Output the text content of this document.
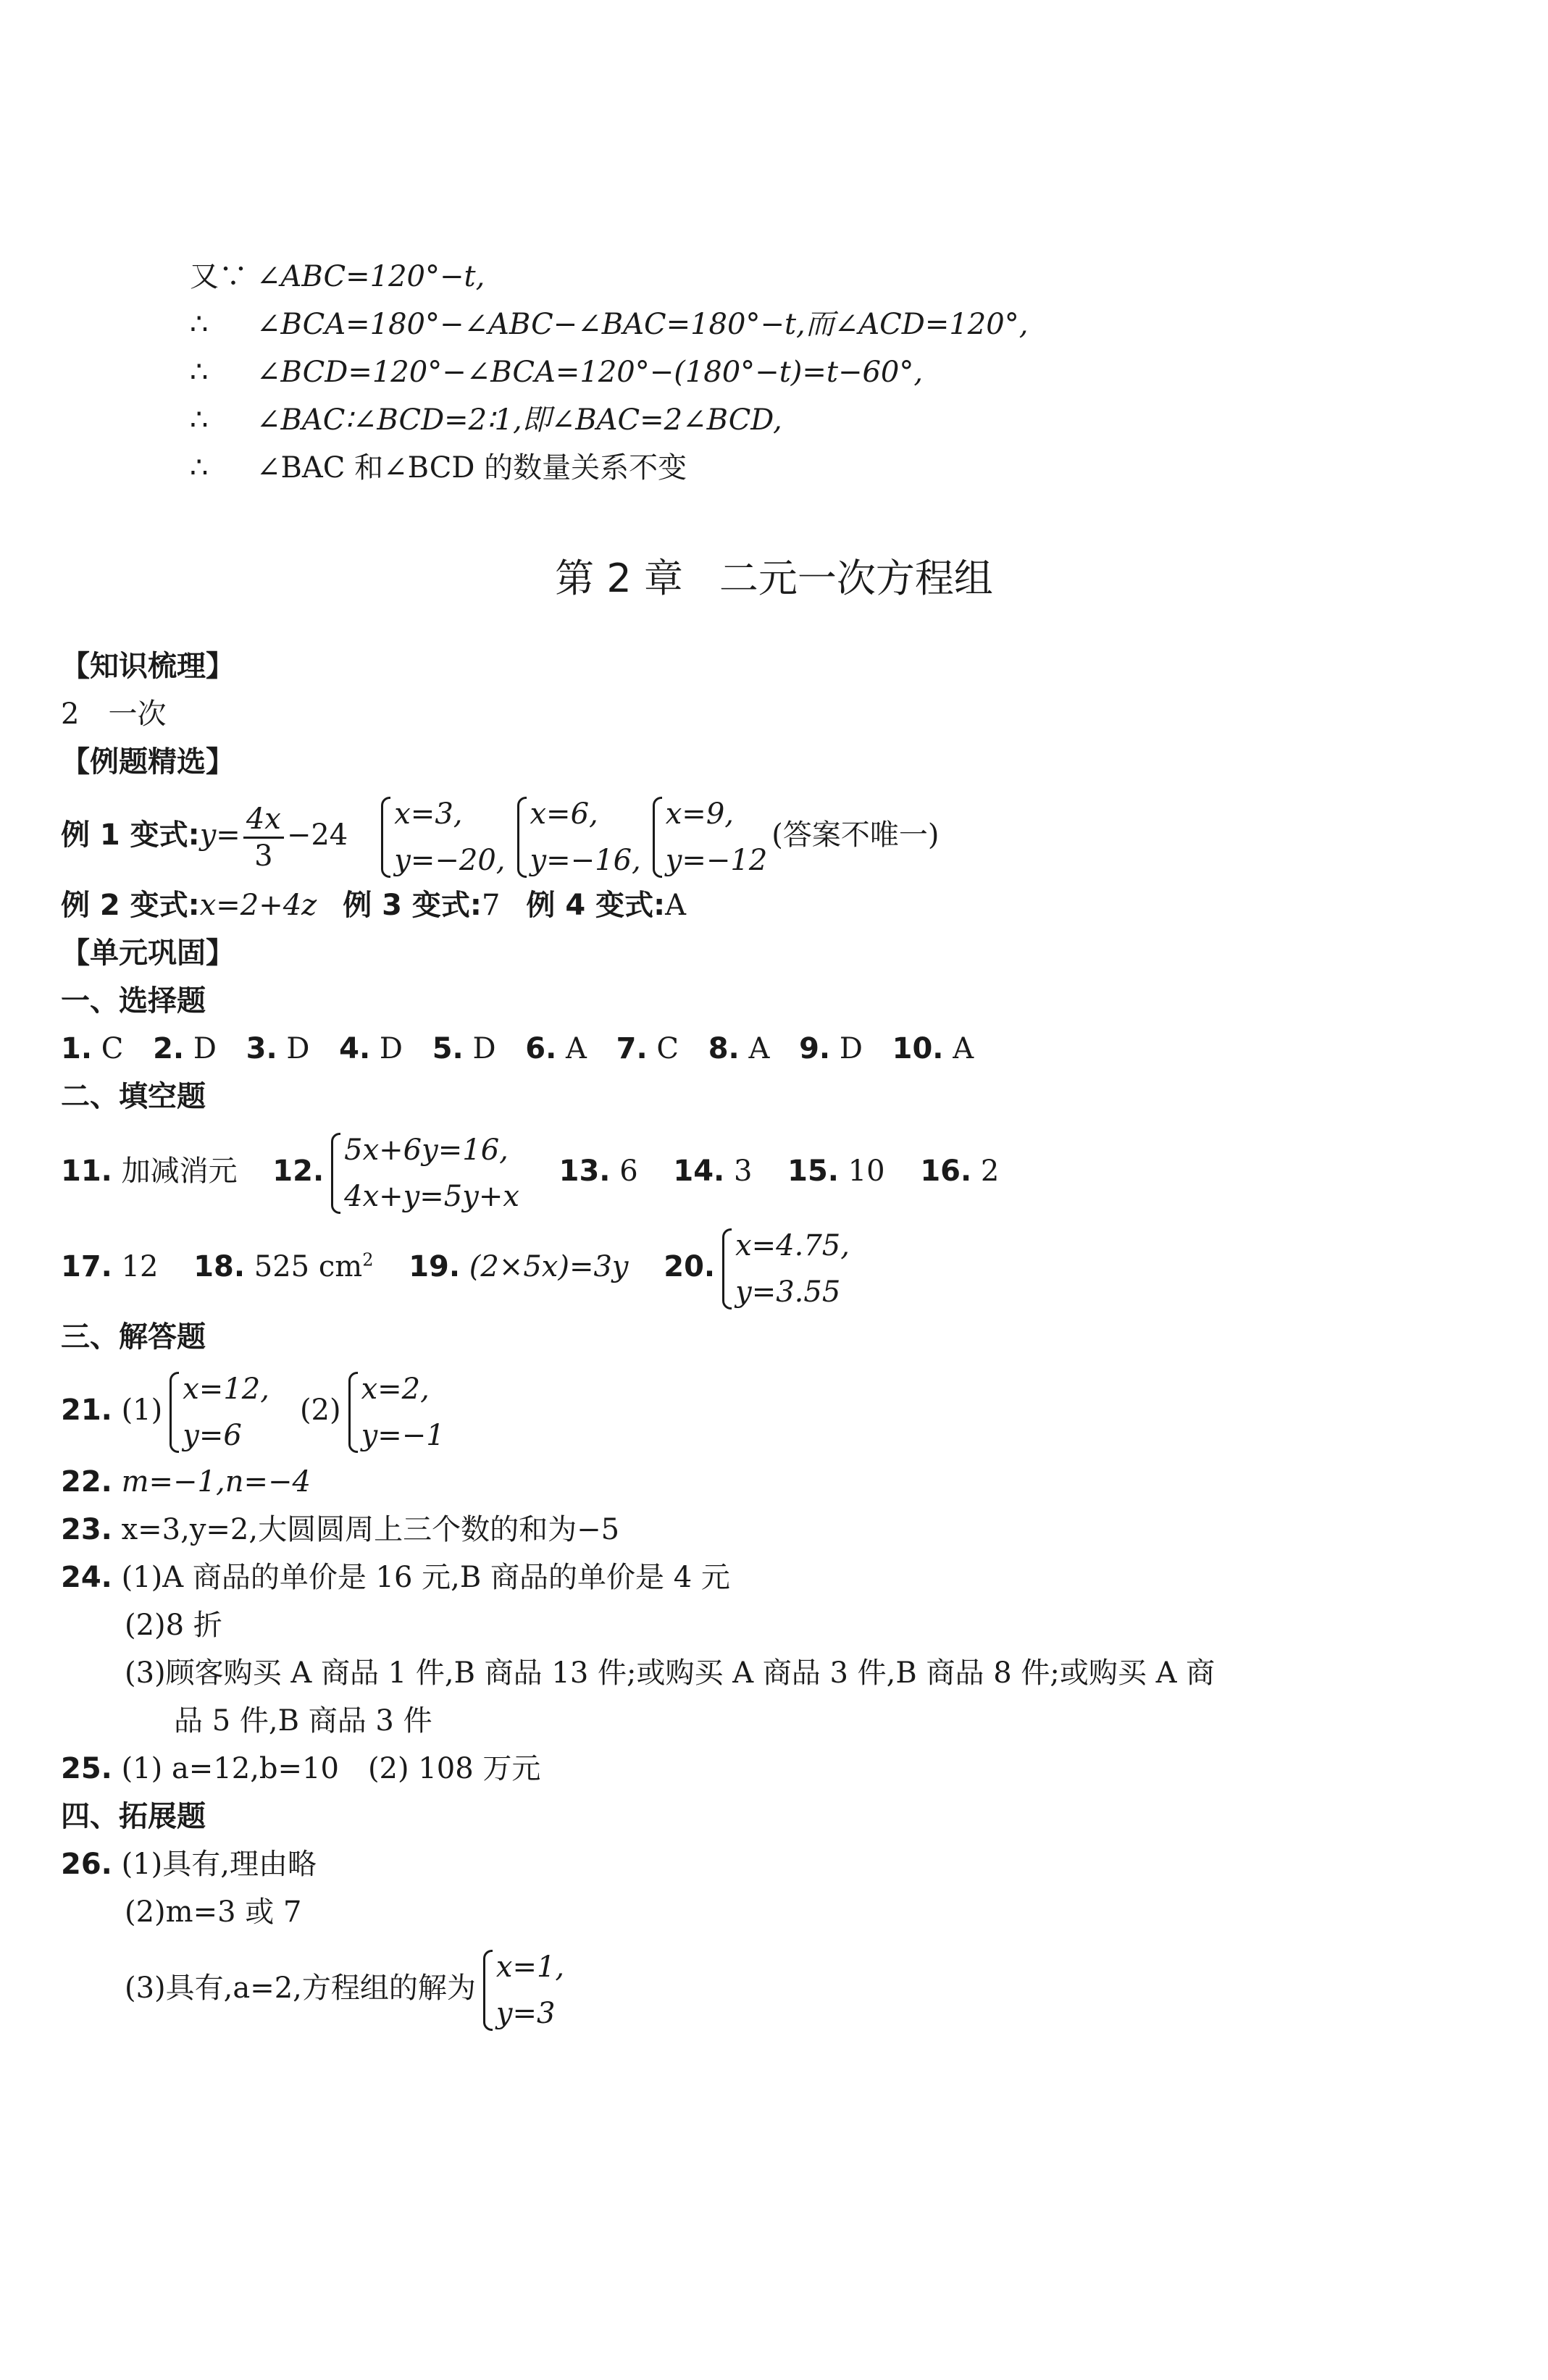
又∵ ∠ABC=120°−t,
∴ ∠BCA=180°−∠ABC−∠BAC=180°−t,而∠ACD=120°,
∴ ∠BCD=120°−∠BCA=120°−(180°−t)=t−60°,
∴ ∠BAC∶∠BCD=2∶1,即∠BAC=2∠BCD,
∴ ∠BAC 和∠BCD 的数量关系不变
第 2 章 二元一次方程组
【知识梳理】
2　一次
【例题精选】
例 1 变式:y= $\frac{4x}{3} -24$
x=3,
y=−20,
x=6,
y=−16,
x=9,
y=−12
(答案不唯一)
例 2 变式:x=2+4z 例 3 变式:7 例 4 变式:A
【单元巩固】
一、选择题
1. C 2. D 3. D 4. D 5. D 6. A 7. C 8. A 9. D 10. A
二、填空题
11. 加减消元 12.
5x+6y=16,
4x+y=5y+x
13. 6 14. 3 15. 10 16. 2
17. 12 18. 525 $cm^2$ 19. (2×5x)=3y 20.
x=4.75,
y=3.55
三、解答题
21. (1)
x=12,
y=6
(2)
x=2,
y=−1
22. m=−1,n=−4
23. x=3,y=2,大圆圆周上三个数的和为−5
24. (1)A 商品的单价是 16 元,B 商品的单价是 4 元
(2)8 折
(3)顾客购买 A 商品 1 件,B 商品 13 件;或购买 A 商品 3 件,B 商品 8 件;或购买 A 商
品 5 件,B 商品 3 件
25. (1) a=12,b=10　(2) 108 万元
四、拓展题
26. (1)具有,理由略
(2)m=3 或 7
(3)具有,a=2,方程组的解为
x=1,
y=3
